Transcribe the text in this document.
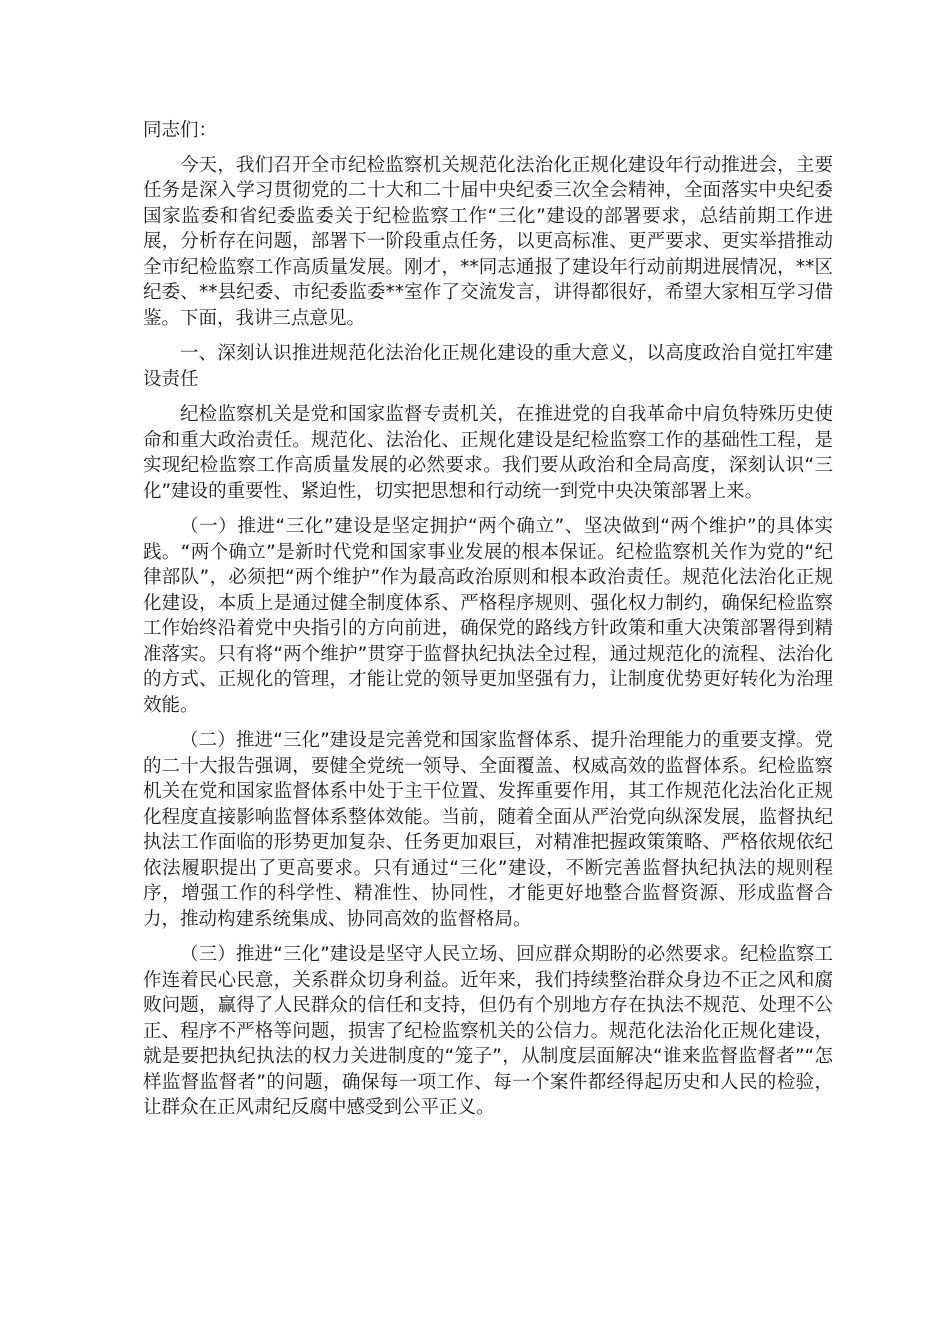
同志们：

今天，我们召开全市纪检监察机关规范化法治化正规化建设年行动推进会，主要任务是深入学习贯彻党的二十大和二十届中央纪委三次全会精神，全面落实中央纪委国家监委和省纪委监委关于纪检监察工作“三化”建设的部署要求，总结前期工作进展，分析存在问题，部署下一阶段重点任务，以更高标准、更严要求、更实举措推动全市纪检监察工作高质量发展。刚才，**同志通报了建设年行动前期进展情况，**区纪委、**县纪委、市纪委监委**室作了交流发言，讲得都很好，希望大家相互学习借鉴。下面，我讲三点意见。

一、深刻认识推进规范化法治化正规化建设的重大意义，以高度政治自觉扛牢建设责任

纪检监察机关是党和国家监督专责机关，在推进党的自我革命中肩负特殊历史使命和重大政治责任。规范化、法治化、正规化建设是纪检监察工作的基础性工程，是实现纪检监察工作高质量发展的必然要求。我们要从政治和全局高度，深刻认识“三化”建设的重要性、紧迫性，切实把思想和行动统一到党中央决策部署上来。

（一）推进“三化”建设是坚定拥护“两个确立”、坚决做到“两个维护”的具体实践。“两个确立”是新时代党和国家事业发展的根本保证。纪检监察机关作为党的“纪律部队”，必须把“两个维护”作为最高政治原则和根本政治责任。规范化法治化正规化建设，本质上是通过健全制度体系、严格程序规则、强化权力制约，确保纪检监察工作始终沿着党中央指引的方向前进，确保党的路线方针政策和重大决策部署得到精准落实。只有将“两个维护”贯穿于监督执纪执法全过程，通过规范化的流程、法治化的方式、正规化的管理，才能让党的领导更加坚强有力，让制度优势更好转化为治理效能。

（二）推进“三化”建设是完善党和国家监督体系、提升治理能力的重要支撑。党的二十大报告强调，要健全党统一领导、全面覆盖、权威高效的监督体系。纪检监察机关在党和国家监督体系中处于主干位置、发挥重要作用，其工作规范化法治化正规化程度直接影响监督体系整体效能。当前，随着全面从严治党向纵深发展，监督执纪执法工作面临的形势更加复杂、任务更加艰巨，对精准把握政策策略、严格依规依纪依法履职提出了更高要求。只有通过“三化”建设，不断完善监督执纪执法的规则程序，增强工作的科学性、精准性、协同性，才能更好地整合监督资源、形成监督合力，推动构建系统集成、协同高效的监督格局。

（三）推进“三化”建设是坚守人民立场、回应群众期盼的必然要求。纪检监察工作连着民心民意，关系群众切身利益。近年来，我们持续整治群众身边不正之风和腐败问题，赢得了人民群众的信任和支持，但仍有个别地方存在执法不规范、处理不公正、程序不严格等问题，损害了纪检监察机关的公信力。规范化法治化正规化建设，就是要把执纪执法的权力关进制度的“笼子”，从制度层面解决“谁来监督监督者”“怎样监督监督者”的问题，确保每一项工作、每一个案件都经得起历史和人民的检验，让群众在正风肃纪反腐中感受到公平正义。
